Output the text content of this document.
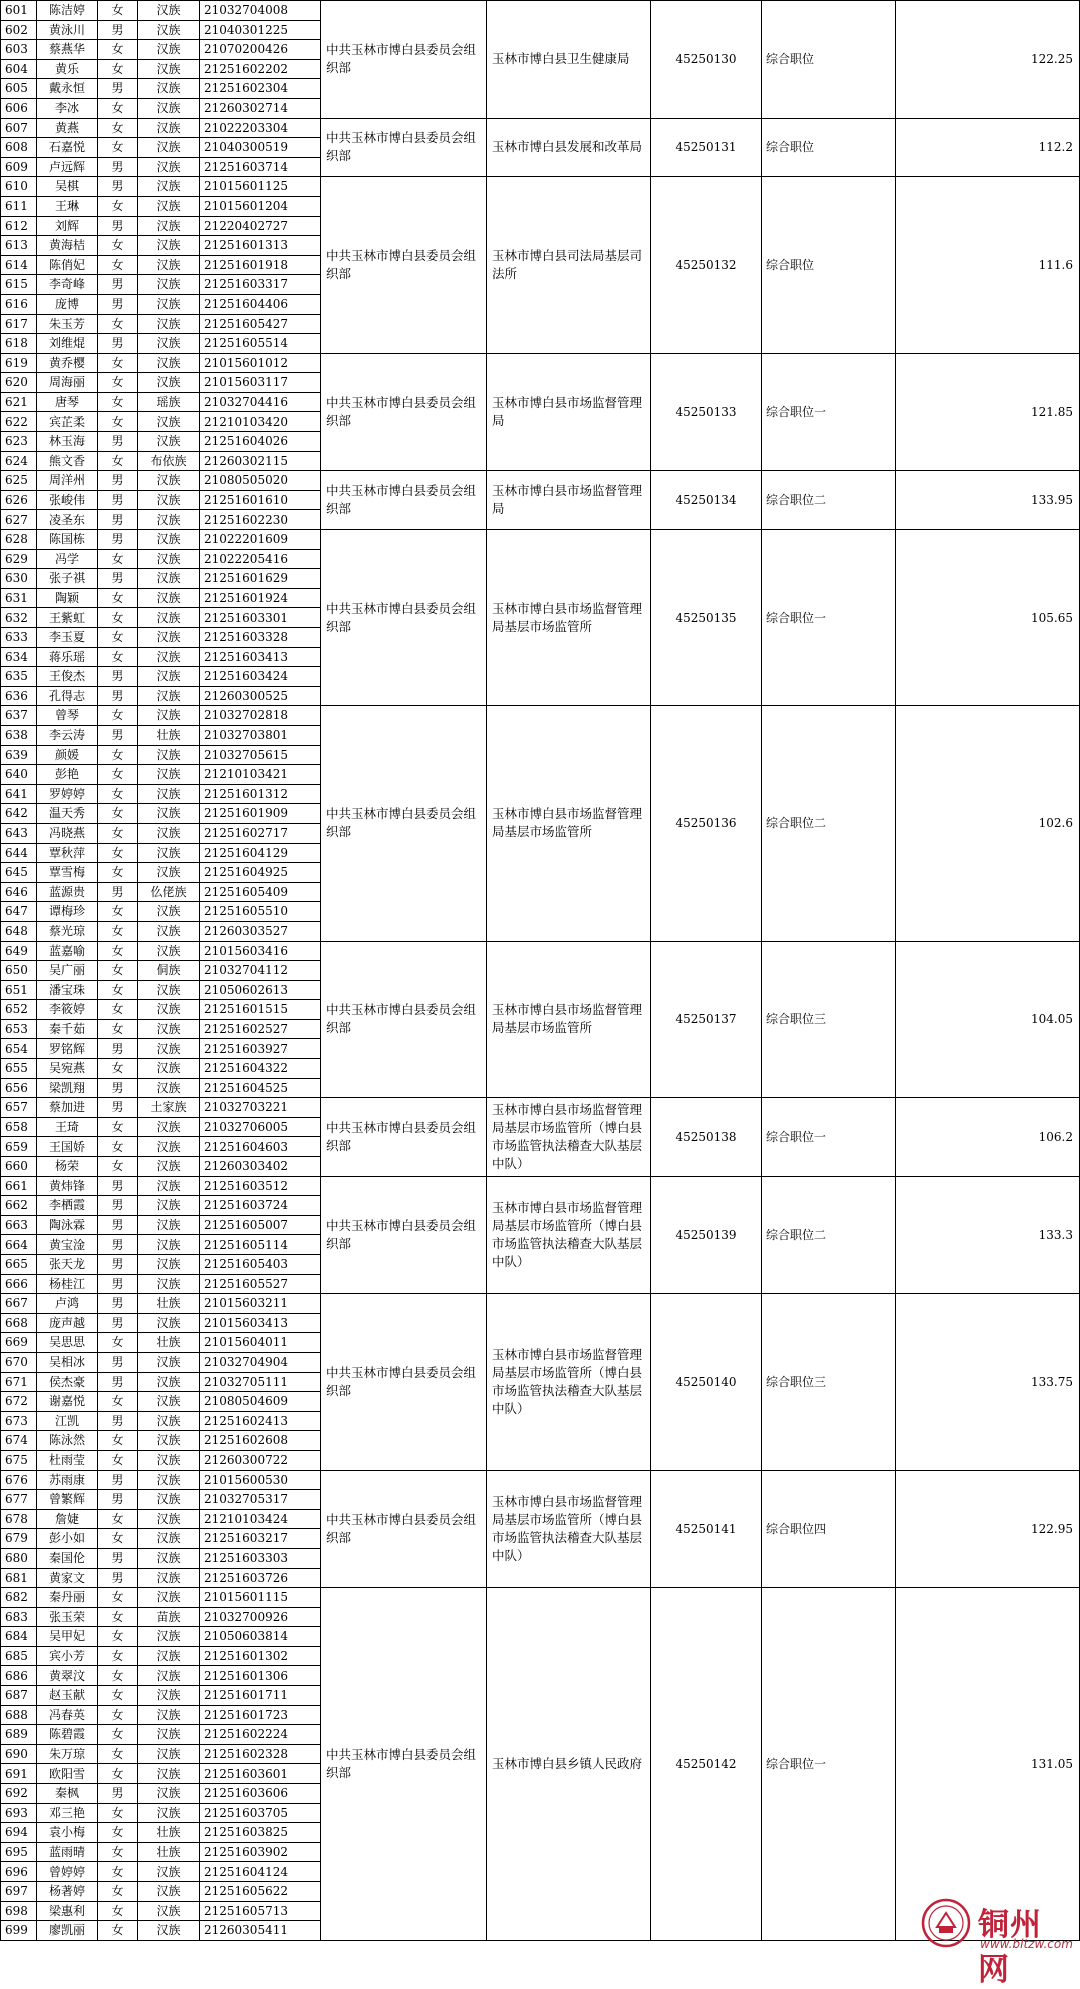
601	陈洁婷	女	汉族	21032704008	中共玉林市博白县委员会组织部	玉林市博白县卫生健康局	45250130	综合职位	122.25
602	黄泳川	男	汉族	21040301225					
603	蔡燕华	女	汉族	21070200426					
604	黄乐	女	汉族	21251602202					
605	戴永恒	男	汉族	21251602304					
606	李冰	女	汉族	21260302714					
607	黄燕	女	汉族	21022203304	中共玉林市博白县委员会组织部	玉林市博白县发展和改革局	45250131	综合职位	112.2
608	石嘉悦	女	汉族	21040300519					
609	卢远辉	男	汉族	21251603714					
610	吴棋	男	汉族	21015601125	中共玉林市博白县委员会组织部	玉林市博白县司法局基层司法所	45250132	综合职位	111.6
611	王琳	女	汉族	21015601204					
612	刘辉	男	汉族	21220402727					
613	黄海桔	女	汉族	21251601313					
614	陈俏妃	女	汉族	21251601918					
615	李奇峰	男	汉族	21251603317					
616	庞博	男	汉族	21251604406					
617	朱玉芳	女	汉族	21251605427					
618	刘维焜	男	汉族	21251605514					
619	黄乔樱	女	汉族	21015601012	中共玉林市博白县委员会组织部	玉林市博白县市场监督管理局	45250133	综合职位一	121.85
620	周海丽	女	汉族	21015603117					
621	唐琴	女	瑶族	21032704416					
622	宾芷柔	女	汉族	21210103420					
623	林玉海	男	汉族	21251604026					
624	熊文香	女	布依族	21260302115					
625	周洋州	男	汉族	21080505020	中共玉林市博白县委员会组织部	玉林市博白县市场监督管理局	45250134	综合职位二	133.95
626	张峻伟	男	汉族	21251601610					
627	凌圣东	男	汉族	21251602230					
628	陈国栋	男	汉族	21022201609	中共玉林市博白县委员会组织部	玉林市博白县市场监督管理局基层市场监管所	45250135	综合职位一	105.65
629	冯学	女	汉族	21022205416					
630	张子祺	男	汉族	21251601629					
631	陶颖	女	汉族	21251601924					
632	王紫虹	女	汉族	21251603301					
633	李玉夏	女	汉族	21251603328					
634	蒋乐瑶	女	汉族	21251603413					
635	王俊杰	男	汉族	21251603424					
636	孔得志	男	汉族	21260300525					
637	曾琴	女	汉族	21032702818	中共玉林市博白县委员会组织部	玉林市博白县市场监督管理局基层市场监管所	45250136	综合职位二	102.6
638	李云涛	男	壮族	21032703801					
639	颜媛	女	汉族	21032705615					
640	彭艳	女	汉族	21210103421					
641	罗婷婷	女	汉族	21251601312					
642	温天秀	女	汉族	21251601909					
643	冯晓燕	女	汉族	21251602717					
644	覃秋萍	女	汉族	21251604129					
645	覃雪梅	女	汉族	21251604925					
646	蓝源贵	男	仫佬族	21251605409					
647	谭梅珍	女	汉族	21251605510					
648	蔡光琼	女	汉族	21260303527					
649	蓝嘉喻	女	汉族	21015603416	中共玉林市博白县委员会组织部	玉林市博白县市场监督管理局基层市场监管所	45250137	综合职位三	104.05
650	吴广丽	女	侗族	21032704112					
651	潘宝珠	女	汉族	21050602613					
652	李筱婷	女	汉族	21251601515					
653	秦千茹	女	汉族	21251602527					
654	罗铭辉	男	汉族	21251603927					
655	吴宛燕	女	汉族	21251604322					
656	梁凯翔	男	汉族	21251604525					
657	蔡加进	男	土家族	21032703221	中共玉林市博白县委员会组织部	玉林市博白县市场监督管理局基层市场监管所（博白县市场监管执法稽查大队基层中队）	45250138	综合职位一	106.2
658	王琦	女	汉族	21032706005					
659	王国娇	女	汉族	21251604603					
660	杨荣	女	汉族	21260303402					
661	黄炜锋	男	汉族	21251603512	中共玉林市博白县委员会组织部	玉林市博白县市场监督管理局基层市场监管所（博白县市场监管执法稽查大队基层中队）	45250139	综合职位二	133.3
662	李栖霞	男	汉族	21251603724					
663	陶泳霖	男	汉族	21251605007					
664	黄宝淦	男	汉族	21251605114					
665	张天龙	男	汉族	21251605403					
666	杨桂江	男	汉族	21251605527					
667	卢鸿	男	壮族	21015603211	中共玉林市博白县委员会组织部	玉林市博白县市场监督管理局基层市场监管所（博白县市场监管执法稽查大队基层中队）	45250140	综合职位三	133.75
668	庞声越	男	汉族	21015603413					
669	吴思思	女	壮族	21015604011					
670	吴相冰	男	汉族	21032704904					
671	侯杰豪	男	汉族	21032705111					
672	谢嘉悦	女	汉族	21080504609					
673	江凯	男	汉族	21251602413					
674	陈泳然	女	汉族	21251602608					
675	杜雨莹	女	汉族	21260300722					
676	苏雨康	男	汉族	21015600530	中共玉林市博白县委员会组织部	玉林市博白县市场监督管理局基层市场监管所（博白县市场监管执法稽查大队基层中队）	45250141	综合职位四	122.95
677	曾繁辉	男	汉族	21032705317					
678	詹婕	女	汉族	21210103424					
679	彭小如	女	汉族	21251603217					
680	秦国伦	男	汉族	21251603303					
681	黄家文	男	汉族	21251603726					
682	秦丹丽	女	汉族	21015601115	中共玉林市博白县委员会组织部	玉林市博白县乡镇人民政府	45250142	综合职位一	131.05
683	张玉荣	女	苗族	21032700926					
684	吴甲妃	女	汉族	21050603814					
685	宾小芳	女	汉族	21251601302					
686	黄翠汶	女	汉族	21251601306					
687	赵玉献	女	汉族	21251601711					
688	冯春英	女	汉族	21251601723					
689	陈碧霞	女	汉族	21251602224					
690	朱万琼	女	汉族	21251602328					
691	欧阳雪	女	汉族	21251603601					
692	秦枫	男	汉族	21251603606					
693	邓三艳	女	汉族	21251603705					
694	袁小梅	女	壮族	21251603825					
695	蓝雨晴	女	壮族	21251603902					
696	曾婷婷	女	汉族	21251604124					
697	杨著婷	女	汉族	21251605622					
698	梁惠利	女	汉族	21251605713					
699	廖凯丽	女	汉族	21260305411						铜州网
www.bltzw.com
